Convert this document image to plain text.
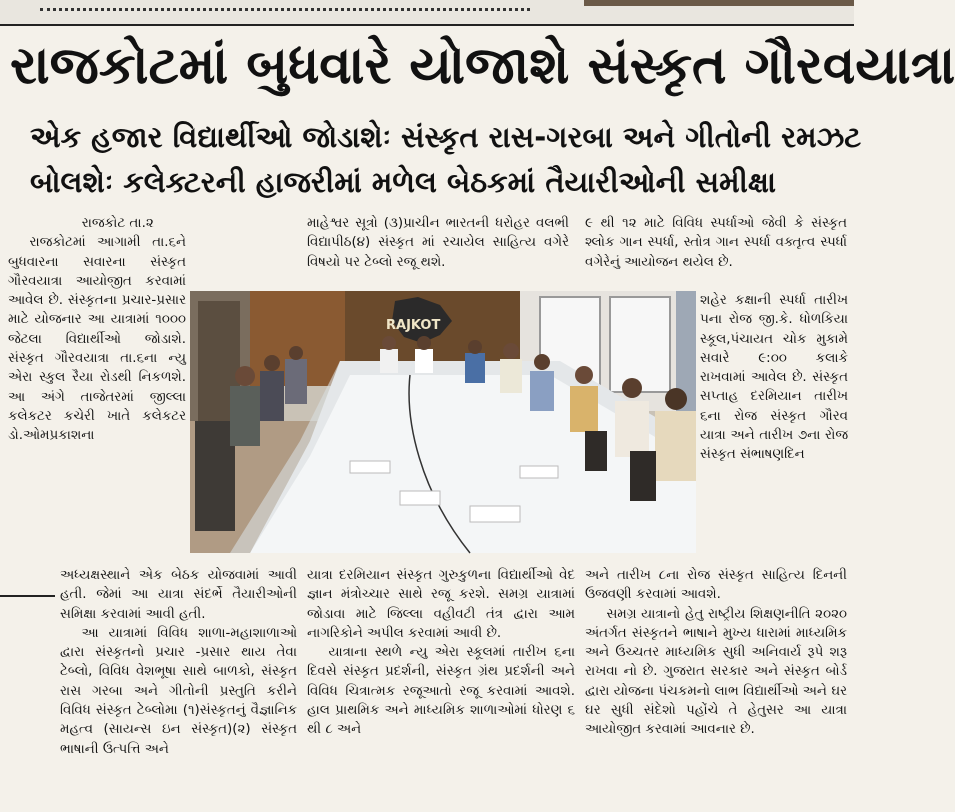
રાજકોટમાં બુધવારે યોજાશે સંસ્કૃત ગૌરવયાત્રા
એક હજાર વિદ્યાર્થીઓ જોડાશેઃ સંસ્કૃત રાસ-ગરબા અને ગીતોની રમઝટ
બોલશેઃ કલેક્ટરની હાજરીમાં મળેલ બેઠકમાં તૈયારીઓની સમીક્ષા

રાજકોટ તા.૨

રાજકોટમાં આગામી તા.૬ને બુધવારના સવારના સંસ્કૃત ગૌરવયાત્રા આયોજીત કરવામાં આવેલ છે. સંસ્કૃતના પ્રચાર-પ્રસાર માટે યોજનાર આ યાત્રામાં ૧૦૦૦ જેટલા વિદ્યાર્થીઓ જોડાશે. સંસ્કૃત ગૌરવયાત્રા તા.૬ના ન્યુ એરા સ્કુલ રૈયા રોડથી નિકળશે. આ અંગે તાજેતરમાં જીલ્લા કલેકટર કચેરી ખાતે કલેકટર ડો.ઓમપ્રકાશના

અધ્યક્ષસ્થાને એક બેઠક યોજવામાં આવી હતી. જેમાં આ યાત્રા સંદર્ભે તૈયારીઓની સમિક્ષા કરવામાં આવી હતી.

આ યાત્રામાં વિવિધ શાળા-મહાશાળાઓ દ્વારા સંસ્કૃતનો પ્રચાર -પ્રસાર થાય તેવા ટેબ્લો, વિવિધ વેશભૂષા સાથે બાળકો, સંસ્કૃત રાસ ગરબા અને ગીતોની પ્રસ્તુતિ કરીને વિવિધ સંસ્કૃત ટેબ્લોમા (૧)સંસ્કૃતનું વૈજ્ઞાનિક મહત્વ (સાયન્સ ઇન સંસ્કૃત)(૨) સંસ્કૃત ભાષાની ઉત્પત્તિ અને

માહેશ્વર સૂત્રો (૩)પ્રાચીન ભારતની ધરોહર વલભી વિદ્યાપીઠ(૪) સંસ્કૃત માં રચાયેલ સાહિત્ય વગેરે વિષયો પર ટેબ્લો રજૂ થશે.

યાત્રા દરમિયાન સંસ્કૃત ગુરુકુળના વિદ્યાર્થીઓ વેદ જ્ઞાન મંત્રોચ્ચાર સાથે રજૂ કરશે. સમગ્ર યાત્રામાં જોડાવા માટે જિલ્લા વહીવટી તંત્ર દ્વારા આમ નાગરિકોને અપીલ કરવામાં આવી છે.

યાત્રાના સ્થળે ન્યુ એરા સ્કૂલમાં તારીખ ૬ના દિવસે સંસ્કૃત પ્રદર્શની, સંસ્કૃત ગ્રંથ પ્રદર્શની અને વિવિધ ચિત્રાત્મક રજૂઆતો રજૂ કરવામાં આવશે. હાલ પ્રાથમિક અને માધ્યમિક શાળાઓમાં ધોરણ ૬ થી ૮ અને

૯ થી ૧૨ માટે વિવિધ સ્પર્ધાઓ જેવી કે સંસ્કૃત શ્લોક ગાન સ્પર્ધા, સ્તોત્ર ગાન સ્પર્ધા વક્તૃત્વ સ્પર્ધા વગેરેનું આયોજન થયેલ છે.

શહેર કક્ષાની સ્પર્ધા તારીખ ૫ના રોજ જી.કે. ધોળકિયા સ્કૂલ,પંચાયત ચોક મુકામે સવારે ૯:૦૦ કલાકે રાખવામાં આવેલ છે. સંસ્કૃત સપ્તાહ દરમિયાન તારીખ ૬ના રોજ સંસ્કૃત ગૌરવ યાત્રા અને તારીખ ૭ના રોજ સંસ્કૃત સંભાષણદિન

અને તારીખ ૮ના રોજ સંસ્કૃત સાહિત્ય દિનની ઉજવણી કરવામાં આવશે.

સમગ્ર યાત્રાનો હેતુ રાષ્ટ્રીય શિક્ષણનીતિ ૨૦૨૦ અંતર્ગત સંસ્કૃતને ભાષાને મુખ્ય ધારામાં માધ્યમિક અને ઉચ્ચતર માધ્યમિક સુધી અનિવાર્ય રૂપે શરૂ રાખવા નો છે. ગુજરાત સરકાર અને સંસ્કૃત બોર્ડ દ્વારા યોજના પંચકમનો લાભ વિદ્યાર્થીઓ અને ઘર ઘર સુધી સંદેશો પહોંચે તે હેતુસર આ યાત્રા આયોજીત કરવામાં આવનાર છે.

RAJKOT
